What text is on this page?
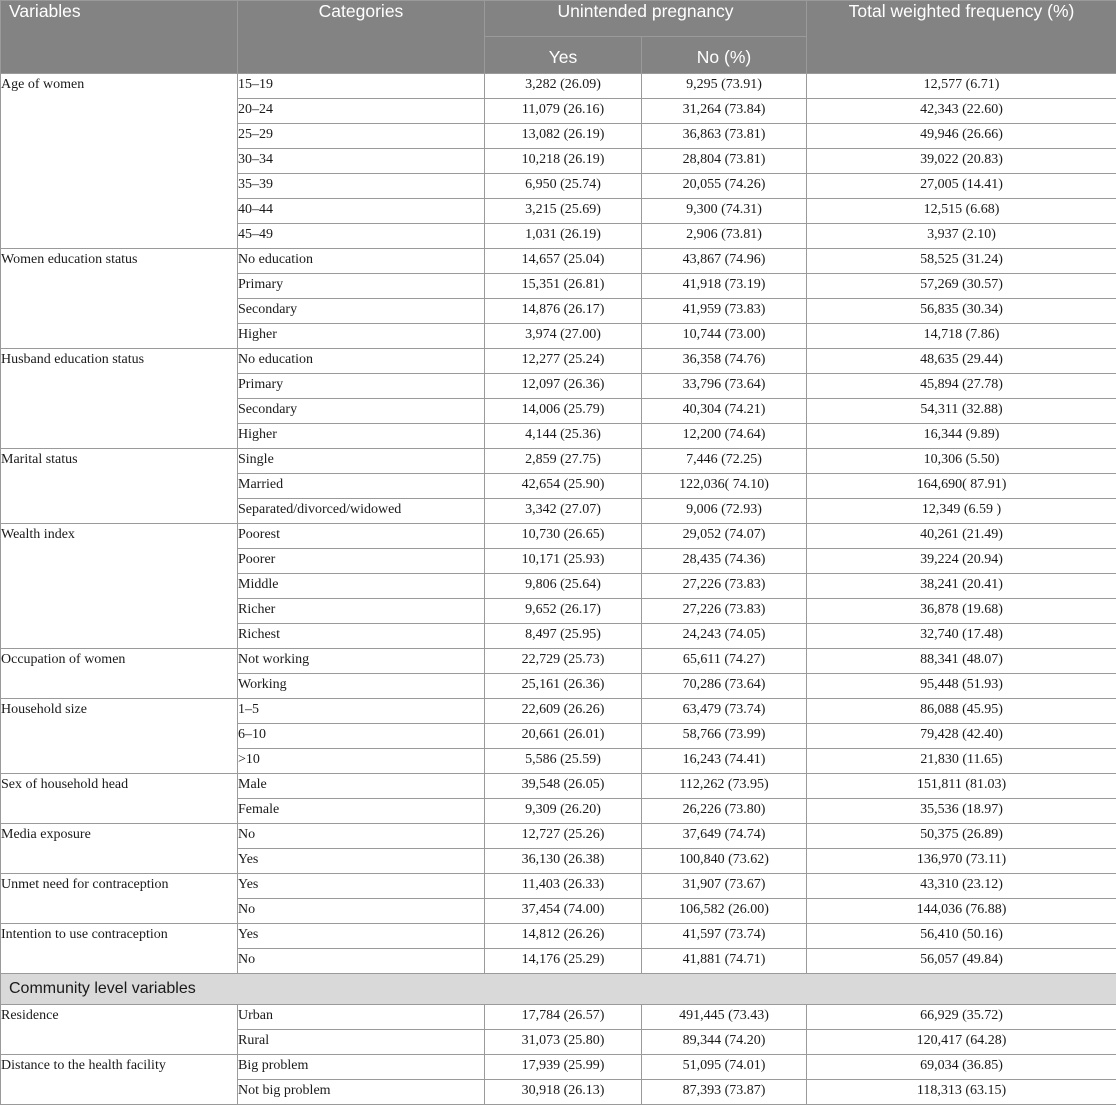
Variables	Categories	Unintended pregnancy		Total weighted frequency (%)
		Yes	No (%)	
Age of women	15–19	3,282 (26.09)	9,295 (73.91)	12,577 (6.71)
	20–24	11,079 (26.16)	31,264 (73.84)	42,343 (22.60)
	25–29	13,082 (26.19)	36,863 (73.81)	49,946 (26.66)
	30–34	10,218 (26.19)	28,804 (73.81)	39,022 (20.83)
	35–39	6,950 (25.74)	20,055 (74.26)	27,005 (14.41)
	40–44	3,215 (25.69)	9,300 (74.31)	12,515 (6.68)
	45–49	1,031 (26.19)	2,906 (73.81)	3,937 (2.10)
Women education status	No education	14,657 (25.04)	43,867 (74.96)	58,525 (31.24)
	Primary	15,351 (26.81)	41,918 (73.19)	57,269 (30.57)
	Secondary	14,876 (26.17)	41,959 (73.83)	56,835 (30.34)
	Higher	3,974 (27.00)	10,744 (73.00)	14,718 (7.86)
Husband education status	No education	12,277 (25.24)	36,358 (74.76)	48,635 (29.44)
	Primary	12,097 (26.36)	33,796 (73.64)	45,894 (27.78)
	Secondary	14,006 (25.79)	40,304 (74.21)	54,311 (32.88)
	Higher	4,144 (25.36)	12,200 (74.64)	16,344 (9.89)
Marital status	Single	2,859 (27.75)	7,446 (72.25)	10,306 (5.50)
	Married	42,654 (25.90)	122,036( 74.10)	164,690( 87.91)
	Separated/divorced/widowed	3,342 (27.07)	9,006 (72.93)	12,349 (6.59 )
Wealth index	Poorest	10,730 (26.65)	29,052 (74.07)	40,261 (21.49)
	Poorer	10,171 (25.93)	28,435 (74.36)	39,224 (20.94)
	Middle	9,806 (25.64)	27,226 (73.83)	38,241 (20.41)
	Richer	9,652 (26.17)	27,226 (73.83)	36,878 (19.68)
	Richest	8,497 (25.95)	24,243 (74.05)	32,740 (17.48)
Occupation of women	Not working	22,729 (25.73)	65,611 (74.27)	88,341 (48.07)
	Working	25,161 (26.36)	70,286 (73.64)	95,448 (51.93)
Household size	1–5	22,609 (26.26)	63,479 (73.74)	86,088 (45.95)
	6–10	20,661 (26.01)	58,766 (73.99)	79,428 (42.40)
	>10	5,586 (25.59)	16,243 (74.41)	21,830 (11.65)
Sex of household head	Male	39,548 (26.05)	112,262 (73.95)	151,811 (81.03)
	Female	9,309 (26.20)	26,226 (73.80)	35,536 (18.97)
Media exposure	No	12,727 (25.26)	37,649 (74.74)	50,375 (26.89)
	Yes	36,130 (26.38)	100,840 (73.62)	136,970 (73.11)
Unmet need for contraception	Yes	11,403 (26.33)	31,907 (73.67)	43,310 (23.12)
	No	37,454 (74.00)	106,582 (26.00)	144,036 (76.88)
Intention to use contraception	Yes	14,812 (26.26)	41,597 (73.74)	56,410 (50.16)
	No	14,176 (25.29)	41,881 (74.71)	56,057 (49.84)
Community level variables				
Residence	Urban	17,784 (26.57)	491,445 (73.43)	66,929 (35.72)
	Rural	31,073 (25.80)	89,344 (74.20)	120,417 (64.28)
Distance to the health facility	Big problem	17,939 (25.99)	51,095 (74.01)	69,034 (36.85)
	Not big problem	30,918 (26.13)	87,393 (73.87)	118,313 (63.15)
